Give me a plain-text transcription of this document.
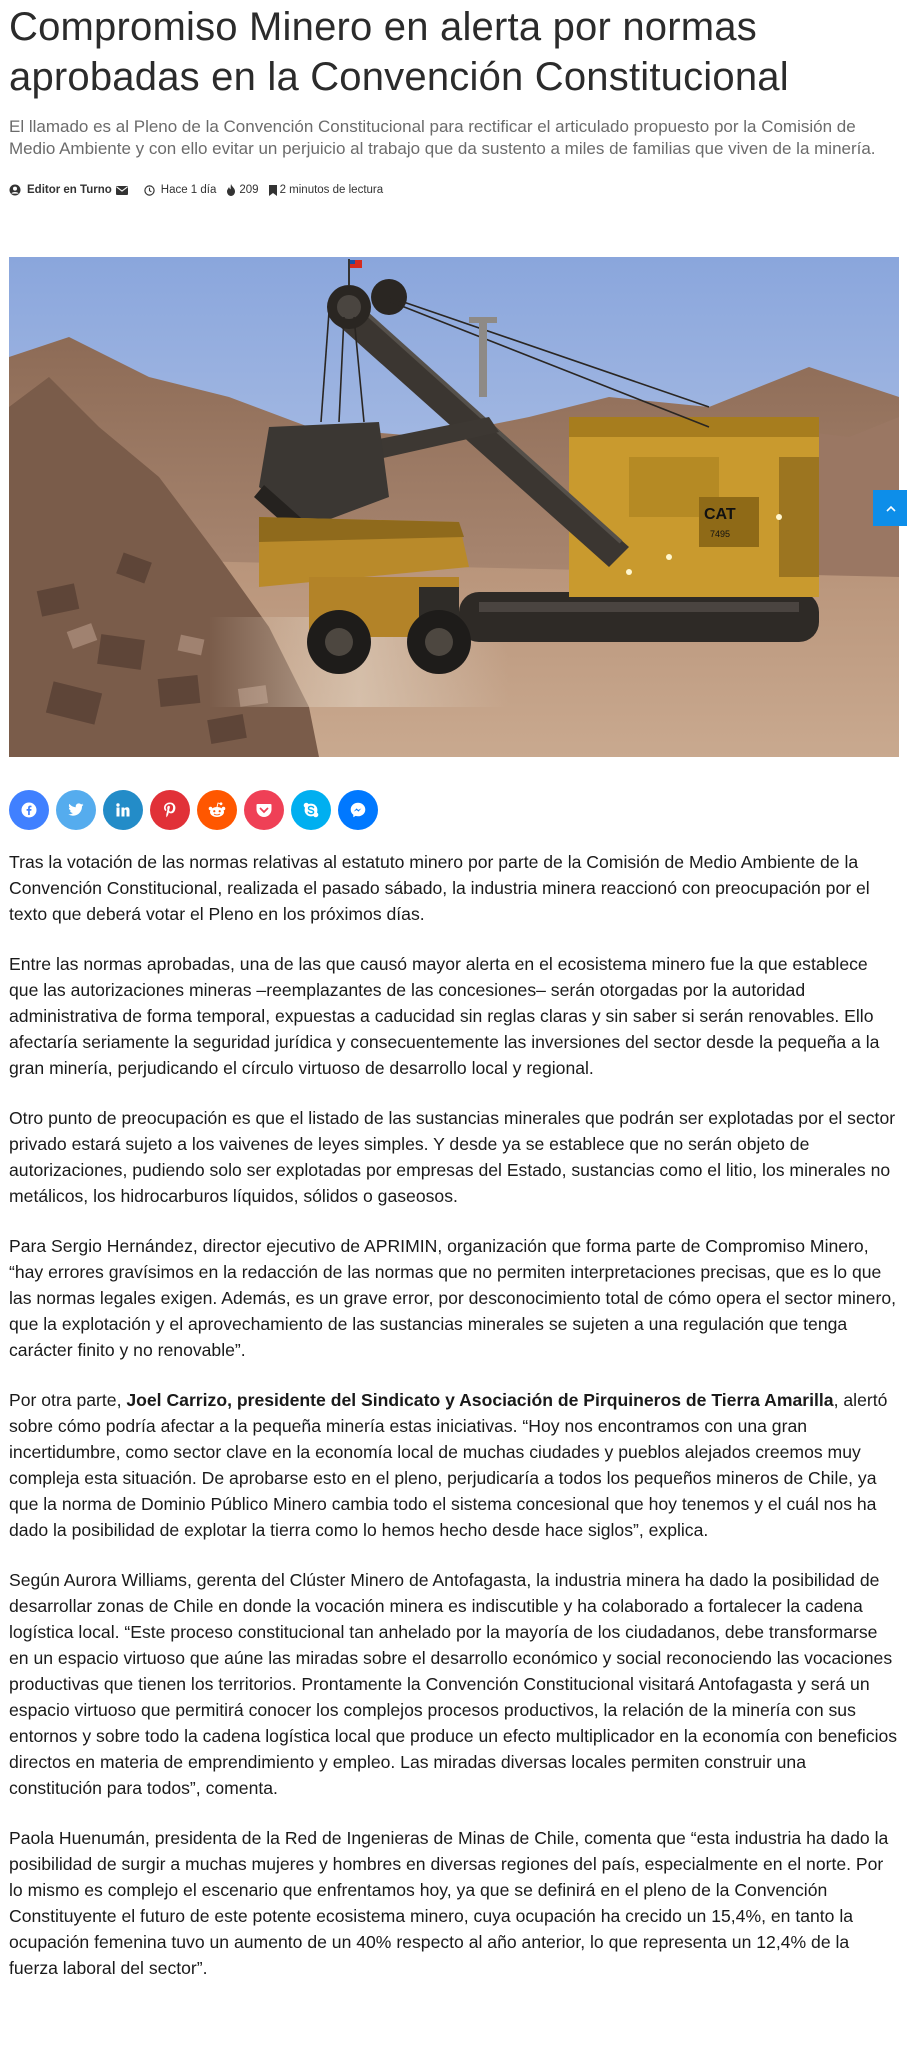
Compromiso Minero en alerta por normas aprobadas en la Convención Constitucional

El llamado es al Pleno de la Convención Constitucional para rectificar el articulado propuesto por la Comisión de Medio Ambiente y con ello evitar un perjuicio al trabajo que da sustento a miles de familias que viven de la minería.

Editor en Turno	Hace 1 día 209 2 minutos de lectura
CAT
7495

Tras la votación de las normas relativas al estatuto minero por parte de la Comisión de Medio Ambiente de la Convención Constitucional, realizada el pasado sábado, la industria minera reaccionó con preocupación por el texto que deberá votar el Pleno en los próximos días.

Entre las normas aprobadas, una de las que causó mayor alerta en el ecosistema minero fue la que establece que las autorizaciones mineras –reemplazantes de las concesiones– serán otorgadas por la autoridad administrativa de forma temporal, expuestas a caducidad sin reglas claras y sin saber si serán renovables. Ello afectaría seriamente la seguridad jurídica y consecuentemente las inversiones del sector desde la pequeña a la gran minería, perjudicando el círculo virtuoso de desarrollo local y regional.

Otro punto de preocupación es que el listado de las sustancias minerales que podrán ser explotadas por el sector privado estará sujeto a los vaivenes de leyes simples. Y desde ya se establece que no serán objeto de autorizaciones, pudiendo solo ser explotadas por empresas del Estado, sustancias como el litio, los minerales no metálicos, los hidrocarburos líquidos, sólidos o gaseosos.

Para Sergio Hernández, director ejecutivo de APRIMIN, organización que forma parte de Compromiso Minero, “hay errores gravísimos en la redacción de las normas que no permiten interpretaciones precisas, que es lo que las normas legales exigen. Además, es un grave error, por desconocimiento total de cómo opera el sector minero, que la explotación y el aprovechamiento de las sustancias minerales se sujeten a una regulación que tenga carácter finito y no renovable”.

Por otra parte, Joel Carrizo, presidente del Sindicato y Asociación de Pirquineros de Tierra Amarilla, alertó sobre cómo podría afectar a la pequeña minería estas iniciativas. “Hoy nos encontramos con una gran incertidumbre, como sector clave en la economía local de muchas ciudades y pueblos alejados creemos muy compleja esta situación. De aprobarse esto en el pleno, perjudicaría a todos los pequeños mineros de Chile, ya que la norma de Dominio Público Minero cambia todo el sistema concesional que hoy tenemos y el cuál nos ha dado la posibilidad de explotar la tierra como lo hemos hecho desde hace siglos”, explica.

Según Aurora Williams, gerenta del Clúster Minero de Antofagasta, la industria minera ha dado la posibilidad de desarrollar zonas de Chile en donde la vocación minera es indiscutible y ha colaborado a fortalecer la cadena logística local. “Este proceso constitucional tan anhelado por la mayoría de los ciudadanos, debe transformarse en un espacio virtuoso que aúne las miradas sobre el desarrollo económico y social reconociendo las vocaciones productivas que tienen los territorios. Prontamente la Convención Constitucional visitará Antofagasta y será un espacio virtuoso que permitirá conocer los complejos procesos productivos, la relación de la minería con sus entornos y sobre todo la cadena logística local que produce un efecto multiplicador en la economía con beneficios directos en materia de emprendimiento y empleo. Las miradas diversas locales permiten construir una constitución para todos”, comenta.

Paola Huenumán, presidenta de la Red de Ingenieras de Minas de Chile, comenta que “esta industria ha dado la posibilidad de surgir a muchas mujeres y hombres en diversas regiones del país, especialmente en el norte. Por lo mismo es complejo el escenario que enfrentamos hoy, ya que se definirá en el pleno de la Convención Constituyente el futuro de este potente ecosistema minero, cuya ocupación ha crecido un 15,4%, en tanto la ocupación femenina tuvo un aumento de un 40% respecto al año anterior, lo que representa un 12,4% de la fuerza laboral del sector”.
